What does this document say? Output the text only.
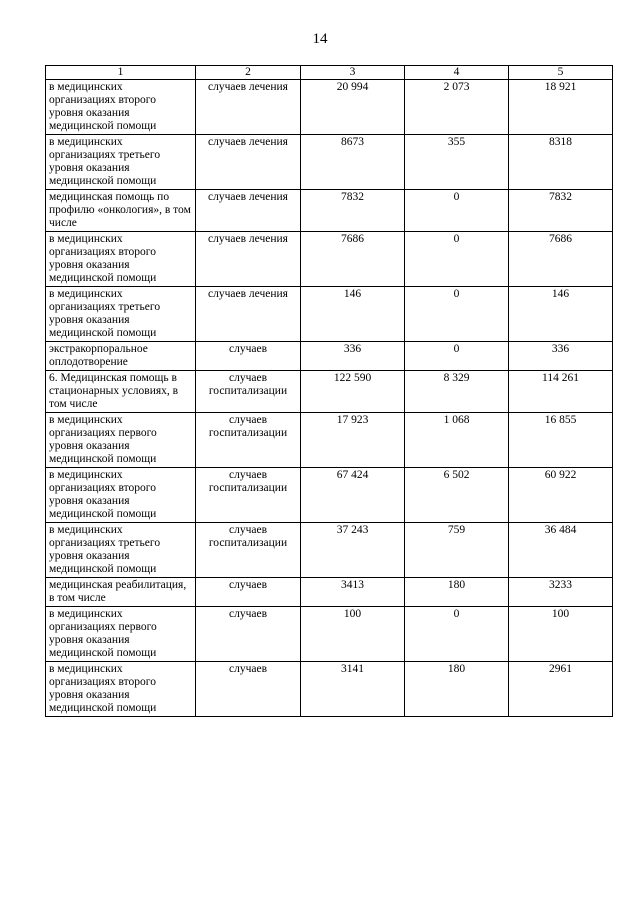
14
1	2	3	4	5
в медицинских организациях второго уровня оказания медицинской помощи	случаев лечения	20 994	2 073	18 921
в медицинских организациях третьего уровня оказания медицинской помощи	случаев лечения	8673	355	8318
медицинская помощь по профилю «онкология», в том числе	случаев лечения	7832	0	7832
в медицинских организациях второго уровня оказания медицинской помощи	случаев лечения	7686	0	7686
в медицинских организациях третьего уровня оказания медицинской помощи	случаев лечения	146	0	146
экстракорпоральное оплодотворение	случаев	336	0	336
6. Медицинская помощь в стационарных условиях, в том числе	случаев госпитализации	122 590	8 329	114 261
в медицинских организациях первого уровня оказания медицинской помощи	случаев госпитализации	17 923	1 068	16 855
в медицинских организациях второго уровня оказания медицинской помощи	случаев госпитализации	67 424	6 502	60 922
в медицинских организациях третьего уровня оказания медицинской помощи	случаев госпитализации	37 243	759	36 484
медицинская реабилитация, в том числе	случаев	3413	180	3233
в медицинских организациях первого уровня оказания медицинской помощи	случаев	100	0	100
в медицинских организациях второго уровня оказания медицинской помощи	случаев	3141	180	2961
